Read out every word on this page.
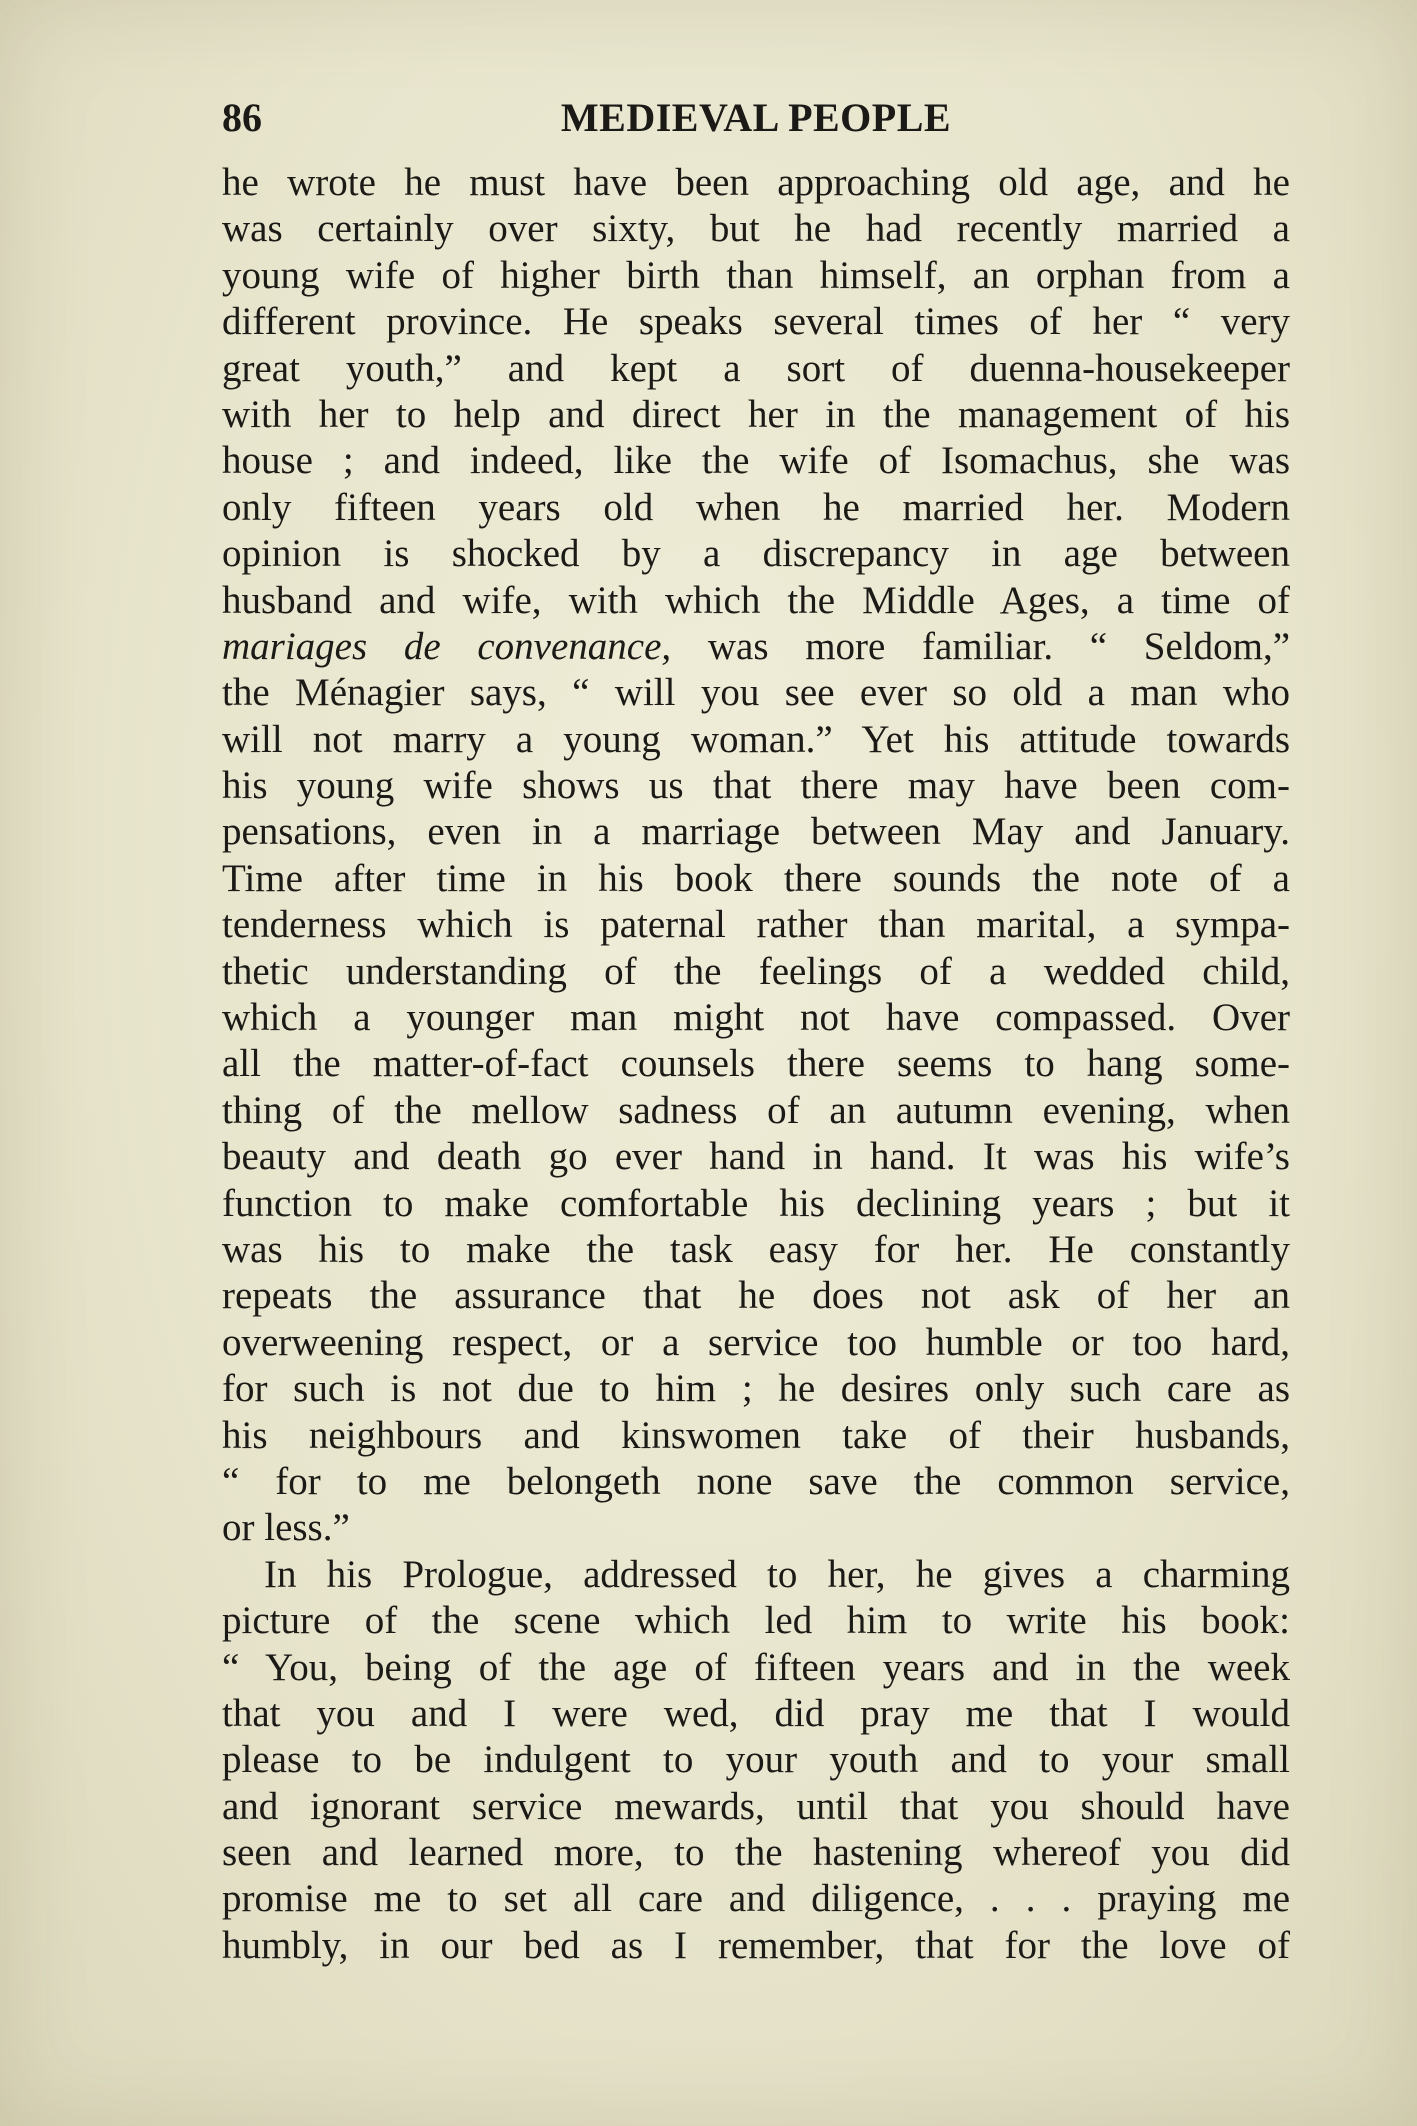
86	MEDIEVAL PEOPLE
he wrote he must have been approaching old age, and he
was certainly over sixty, but he had recently married a
young wife of higher birth than himself, an orphan from a
different province. He speaks several times of her “ very
great youth,” and kept a sort of duenna-housekeeper
with her to help and direct her in the management of his
house ; and indeed, like the wife of Isomachus, she was
only fifteen years old when he married her. Modern
opinion is shocked by a discrepancy in age between
husband and wife, with which the Middle Ages, a time of
mariages de convenance, was more familiar. “ Seldom,”
the Ménagier says, “ will you see ever so old a man who
will not marry a young woman.” Yet his attitude towards
his young wife shows us that there may have been com-
pensations, even in a marriage between May and January.
Time after time in his book there sounds the note of a
tenderness which is paternal rather than marital, a sympa-
thetic understanding of the feelings of a wedded child,
which a younger man might not have compassed. Over
all the matter-of-fact counsels there seems to hang some-
thing of the mellow sadness of an autumn evening, when
beauty and death go ever hand in hand. It was his wife’s
function to make comfortable his declining years ; but it
was his to make the task easy for her. He constantly
repeats the assurance that he does not ask of her an
overweening respect, or a service too humble or too hard,
for such is not due to him ; he desires only such care as
his neighbours and kinswomen take of their husbands,
“ for to me belongeth none save the common service,
or less.”
In his Prologue, addressed to her, he gives a charming
picture of the scene which led him to write his book:
“ You, being of the age of fifteen years and in the week
that you and I were wed, did pray me that I would
please to be indulgent to your youth and to your small
and ignorant service mewards, until that you should have
seen and learned more, to the hastening whereof you did
promise me to set all care and diligence, . . . praying me
humbly, in our bed as I remember, that for the love of
